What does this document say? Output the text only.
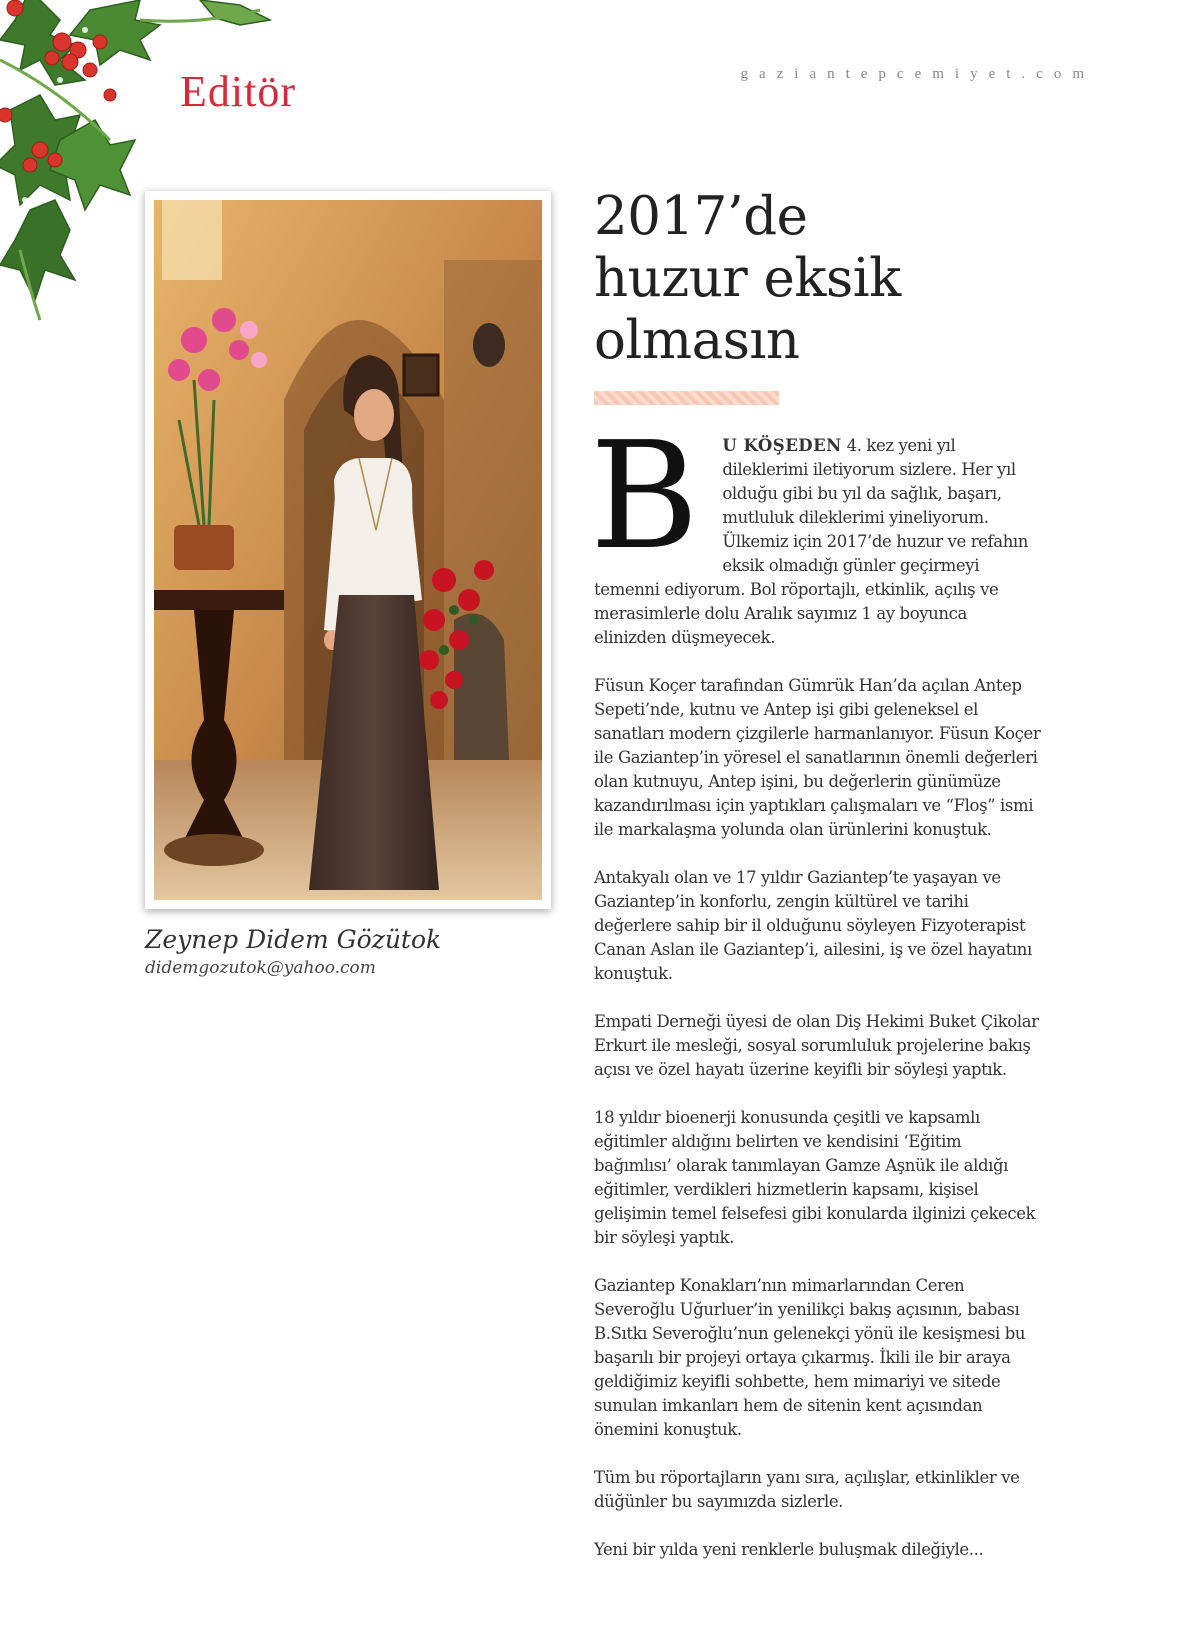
Editör	gaziantepcemiyet.com
Zeynep Didem Gözütok
didemgozutok@yahoo.com
2017’de
huzur eksik
olmasın

B U KÖŞEDEN 4. kez yeni yıl dileklerimi iletiyorum sizlere. Her yıl olduğu gibi bu yıl da sağlık, başarı, mutluluk dileklerimi yineliyorum. Ülkemiz için 2017’de huzur ve refahın eksik olmadığı günler geçirmeyi temenni ediyorum. Bol röportajlı, etkinlik, açılış ve merasimlerle dolu Aralık sayımız 1 ay boyunca elinizden düşmeyecek.

Füsun Koçer tarafından Gümrük Han’da açılan Antep Sepeti’nde, kutnu ve Antep işi gibi geleneksel el sanatları modern çizgilerle harmanlanıyor. Füsun Koçer ile Gaziantep’in yöresel el sanatlarının önemli değerleri olan kutnuyu, Antep işini, bu değerlerin günümüze kazandırılması için yaptıkları çalışmaları ve “Floş” ismi ile markalaşma yolunda olan ürünlerini konuştuk.

Antakyalı olan ve 17 yıldır Gaziantep’te yaşayan ve Gaziantep’in konforlu, zengin kültürel ve tarihi değerlere sahip bir il olduğunu söyleyen Fizyoterapist Canan Aslan ile Gaziantep’i, ailesini, iş ve özel hayatını konuştuk.

Empati Derneği üyesi de olan Diş Hekimi Buket Çikolar Erkurt ile mesleği, sosyal sorumluluk projelerine bakış açısı ve özel hayatı üzerine keyifli bir söyleşi yaptık.

18 yıldır bioenerji konusunda çeşitli ve kapsamlı eğitimler aldığını belirten ve kendisini ‘Eğitim bağımlısı’ olarak tanımlayan Gamze Aşnük ile aldığı eğitimler, verdikleri hizmetlerin kapsamı, kişisel gelişimin temel felsefesi gibi konularda ilginizi çekecek bir söyleşi yaptık.

Gaziantep Konakları’nın mimarlarından Ceren Severoğlu Uğurluer’in yenilikçi bakış açısının, babası B.Sıtkı Severoğlu’nun gelenekçi yönü ile kesişmesi bu başarılı bir projeyi ortaya çıkarmış. İkili ile bir araya geldiğimiz keyifli sohbette, hem mimariyi ve sitede sunulan imkanları hem de sitenin kent açısından önemini konuştuk.

Tüm bu röportajların yanı sıra, açılışlar, etkinlikler ve düğünler bu sayımızda sizlerle.

Yeni bir yılda yeni renklerle buluşmak dileğiyle...
